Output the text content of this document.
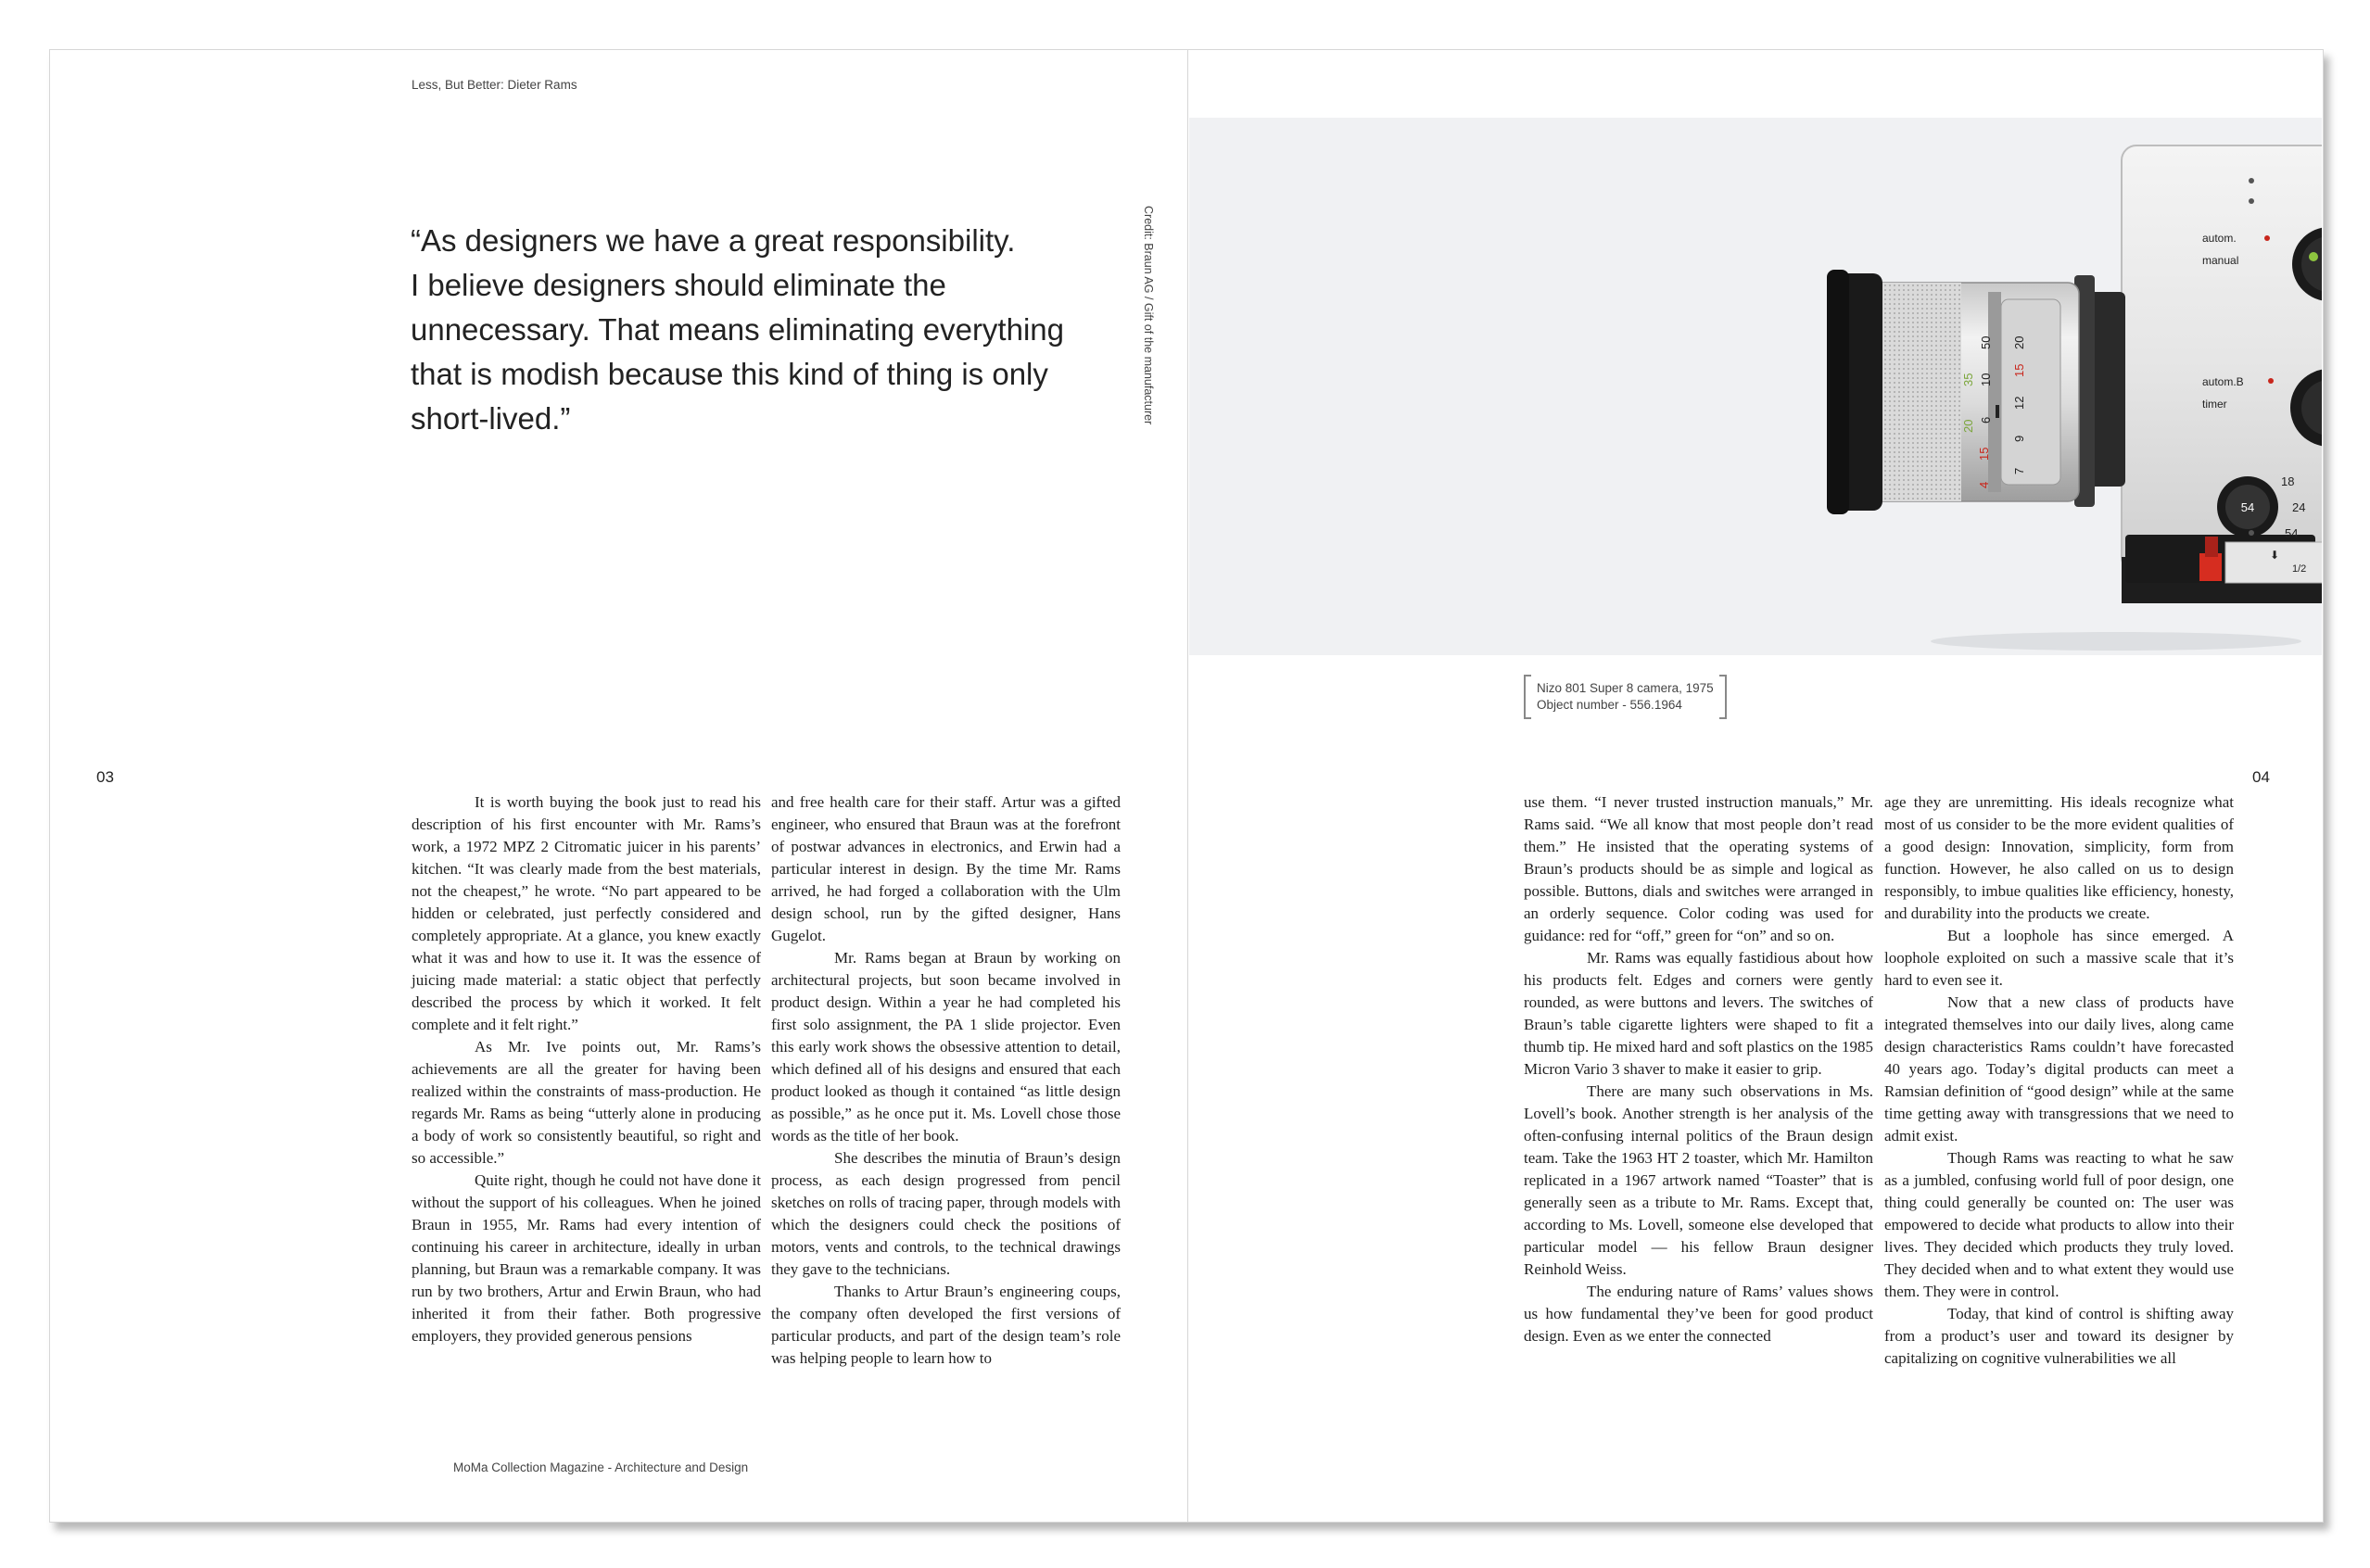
Less, But Better: Dieter Rams
“As designers we have a great responsibility.
I believe designers should eliminate the
unnecessary. That means eliminating everything
that is modish because this kind of thing is only
short-lived.”	Credit: Braun AG / Gift of the manufacturer
03

It is worth buying the book just to read his description of his first encounter with Mr. Rams’s work, a 1972 MPZ 2 Citromatic juicer in his parents’ kitchen. “It was clearly made from the best materials, not the cheapest,” he wrote. “No part appeared to be hidden or celebrated, just perfectly considered and completely appropriate. At a glance, you knew exactly what it was and how to use it. It was the essence of juicing made material: a static object that perfectly described the process by which it worked. It felt complete and it felt right.”

As Mr. Ive points out, Mr. Rams’s achievements are all the greater for having been realized within the constraints of mass-production. He regards Mr. Rams as being “utterly alone in producing a body of work so consistently beautiful, so right and so accessible.”

Quite right, though he could not have done it without the support of his colleagues. When he joined Braun in 1955, Mr. Rams had every intention of continuing his career in architecture, ideally in urban planning, but Braun was a remarkable company. It was run by two brothers, Artur and Erwin Braun, who had inherited it from their father. Both progressive employers, they provided generous pensions

and free health care for their staff. Artur was a gifted engineer, who ensured that Braun was at the forefront of postwar advances in electronics, and Erwin had a particular interest in design. By the time Mr. Rams arrived, he had forged a collaboration with the Ulm design school, run by the gifted designer, Hans Gugelot.

Mr. Rams began at Braun by working on architectural projects, but soon became involved in product design. Within a year he had completed his first solo assignment, the PA 1 slide projector. Even this early work shows the obsessive attention to detail, which defined all of his designs and ensured that each product looked as though it contained “as little design as possible,” as he once put it. Ms. Lovell chose those words as the title of her book.

She describes the minutia of Braun’s design process, as each design progressed from pencil sketches on rolls of tracing paper, through models with which the designers could check the positions of motors, vents and controls, to the technical drawings they gave to the technicians.

Thanks to Artur Braun’s engineering coups, the company often developed the first versions of particular products, and part of the design team’s role was helping people to learn how to

MoMa Collection Magazine - Architecture and Design
autom.
manual
autom.B
timer
18
24
54
1/2
⬇
54
4
15
20
35
6
10
7
9
12
15
20
50
Nizo 801 Super 8 camera, 1975
Object number - 556.1964
04

use them. “I never trusted instruction manuals,” Mr. Rams said. “We all know that most people don’t read them.” He insisted that the operating systems of Braun’s products should be as simple and logical as possible. Buttons, dials and switches were arranged in an orderly sequence. Color coding was used for guidance: red for “off,” green for “on” and so on.

Mr. Rams was equally fastidious about how his products felt. Edges and corners were gently rounded, as were buttons and levers. The switches of Braun’s table cigarette lighters were shaped to fit a thumb tip. He mixed hard and soft plastics on the 1985 Micron Vario 3 shaver to make it easier to grip.

There are many such observations in Ms. Lovell’s book. Another strength is her analysis of the often-confusing internal politics of the Braun design team. Take the 1963 HT 2 toaster, which Mr. Hamilton replicated in a 1967 artwork named “Toaster” that is generally seen as a tribute to Mr. Rams. Except that, according to Ms. Lovell, someone else developed that particular model — his fellow Braun designer Reinhold Weiss.

The enduring nature of Rams’ values shows us how fundamental they’ve been for good product design. Even as we enter the connected

age they are unremitting. His ideals recognize what most of us consider to be the more evident qualities of a good design: Innovation, simplicity, form from function. However, he also called on us to design responsibly, to imbue qualities like efficiency, honesty, and durability into the products we create.

But a loophole has since emerged. A loophole exploited on such a massive scale that it’s hard to even see it.

Now that a new class of products have integrated themselves into our daily lives, along came design characteristics Rams couldn’t have forecasted 40 years ago. Today’s digital products can meet a Ramsian definition of “good design” while at the same time getting away with transgressions that we need to admit exist.

Though Rams was reacting to what he saw as a jumbled, confusing world full of poor design, one thing could generally be counted on: The user was empowered to decide what products to allow into their lives. They decided which products they truly loved. They decided when and to what extent they would use them. They were in control.

Today, that kind of control is shifting away from a product’s user and toward its designer by capitalizing on cognitive vulnerabilities we all
